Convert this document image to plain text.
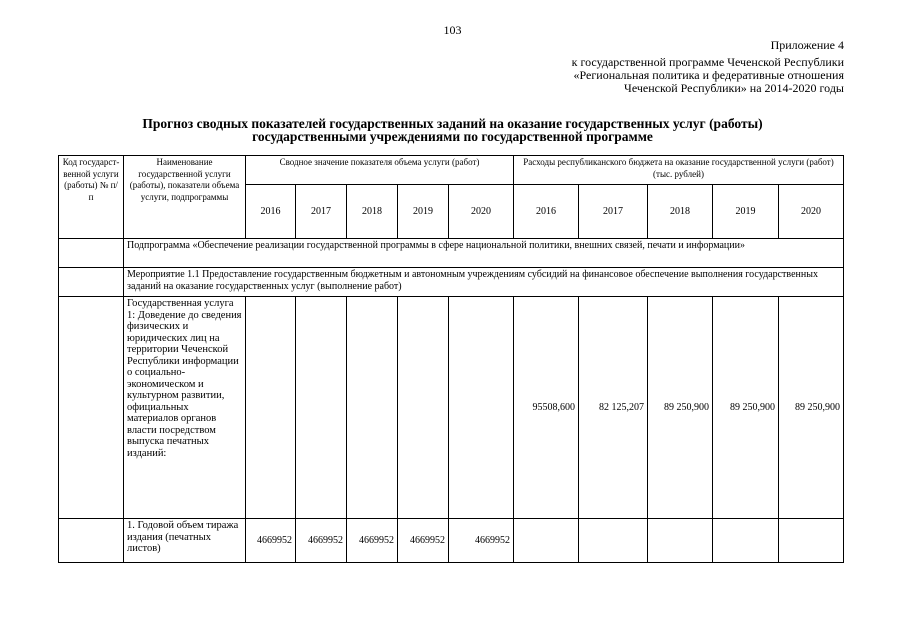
103
Приложение 4
к государственной программе Чеченской Республики
«Региональная политика и федеративные отношения
Чеченской Республики» на 2014-2020 годы
Прогноз сводных показателей государственных заданий на оказание государственных услуг (работы)
государственными учреждениями по государственной программе
Код государст-венной услуги (работы) № п/п	Наименование государственной услуги (работы), показатели объема услуги, подпрограммы	Сводное значение показателя объема услуги (работ)					Расходы республиканского бюджета на оказание государственной услуги (работ) (тыс. рублей)				
		2016	2017	2018	2019	2020	2016	2017	2018	2019	2020
	Подпрограмма «Обеспечение реализации государственной программы в сфере национальной политики, внешних связей, печати и информации»										
	Мероприятие 1.1 Предоставление государственным бюджетным и автономным учреждениям субсидий на финансовое обеспечение выполнения государственных заданий на оказание государственных услуг (выполнение работ)										
	Государственная услуга 1: Доведение до сведения физических и юридических лиц на территории Чеченской Республики информации о социально-экономическом и культурном развитии, официальных материалов органов власти посредством выпуска печатных изданий:						95508,600	82 125,207	89 250,900	89 250,900	89 250,900
	1. Годовой объем тиража издания (печатных листов)	4669952	4669952	4669952	4669952	4669952					
